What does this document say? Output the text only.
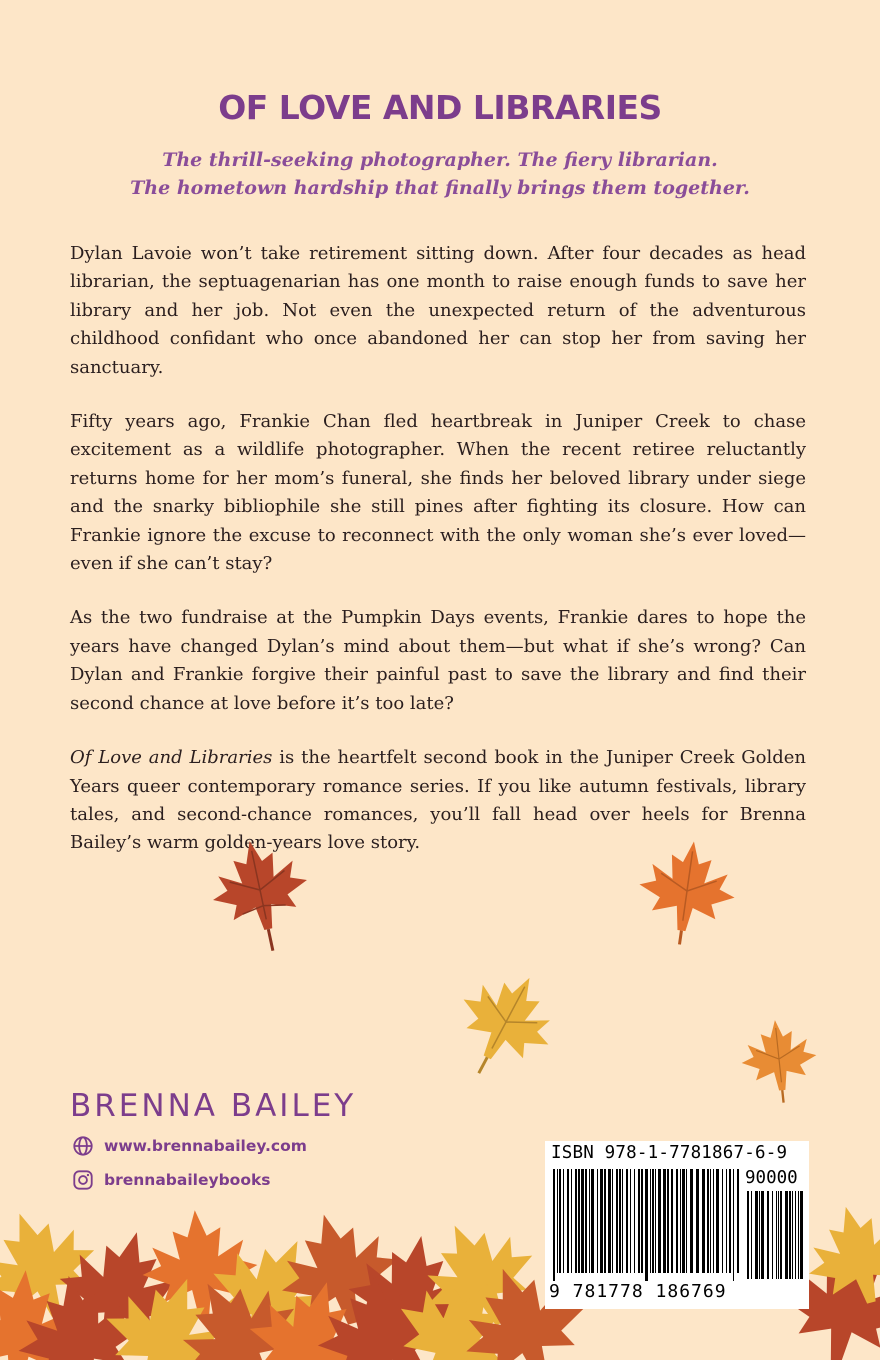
OF LOVE AND LIBRARIES
The thrill-seeking photographer. The fiery librarian.
The hometown hardship that finally brings them together.

Dylan Lavoie won’t take retirement sitting down. After four decades as head librarian, the septuagenarian has one month to raise enough funds to save her library and her job. Not even the unexpected return of the adventurous childhood confidant who once abandoned her can stop her from saving her sanctuary.

Fifty years ago, Frankie Chan fled heartbreak in Juniper Creek to chase excitement as a wildlife photographer. When the recent retiree reluctantly returns home for her mom’s funeral, she finds her beloved library under siege and the snarky bibliophile she still pines after fighting its closure. How can Frankie ignore the excuse to reconnect with the only woman she’s ever loved—even if she can’t stay?

As the two fundraise at the Pumpkin Days events, Frankie dares to hope the years have changed Dylan’s mind about them—but what if she’s wrong? Can Dylan and Frankie forgive their painful past to save the library and find their second chance at love before it’s too late?

Of Love and Libraries is the heartfelt second book in the Juniper Creek Golden Years queer contemporary romance series. If you like autumn festivals, library tales, and second-chance romances, you’ll fall head over heels for Brenna Bailey’s warm golden-years love story.

BRENNA BAILEY
www.brennabailey.com
brennabaileybooks
ISBN 978-1-7781867-6-9
90000
9 781778 186769
